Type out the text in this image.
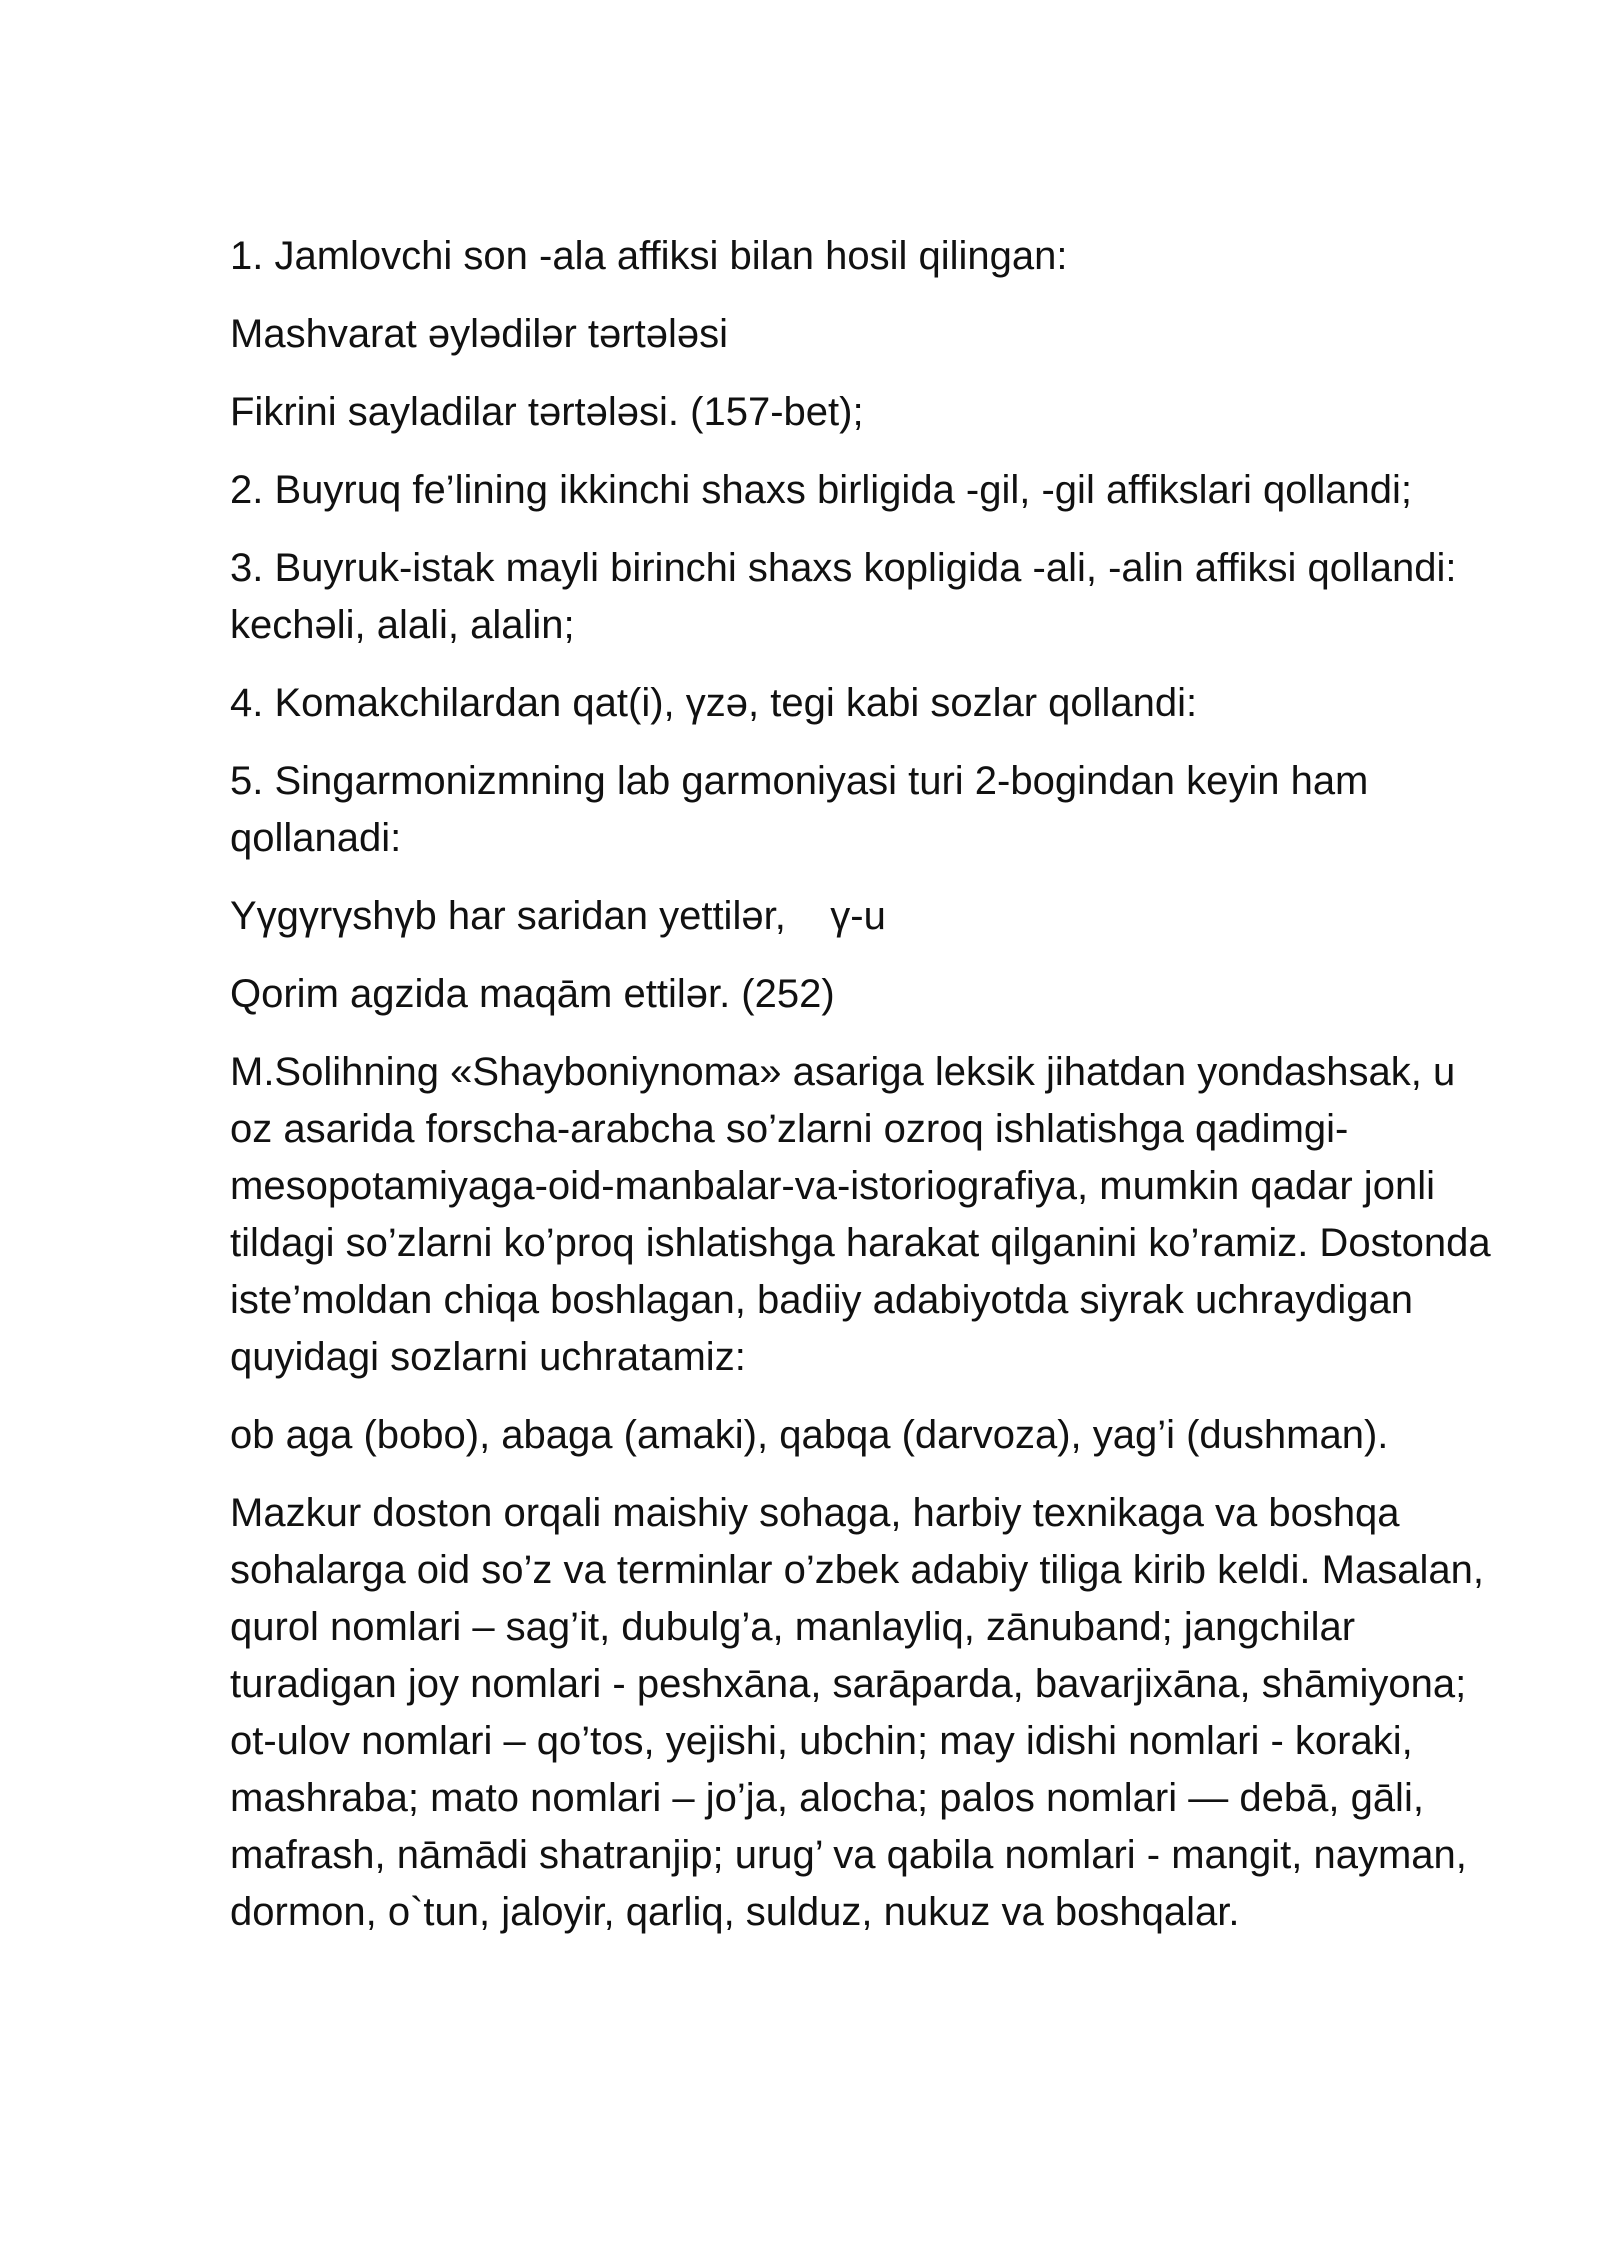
1. Jamlovchi son -ala affiksi bilan hosil qilingan:

Mashvarat əylədilər tərtələsi

Fikrini sayladilar tərtələsi. (157-bet);

2. Buyruq fe’lining ikkinchi shaxs birligida -gil, -gil affikslari qollandi;

3. Buyruk-istak mayli birinchi shaxs kopligida -ali, -alin affiksi qollandi: kechəli, alali, alalin;

4. Komakchilardan qat(i), γzə, tegi kabi sozlar qollandi:

5. Singarmonizmning lab garmoniyasi turi 2-bogindan keyin ham qollanadi:

Yγgγrγshγb har saridan yettilər,    γ-u

Qorim agzida maqām ettilər. (252)

M.Solihning «Shayboniynoma» asariga leksik jihatdan yondashsak, u oz asarida forscha-arabcha so’zlarni ozroq ishlatishga qadimgi-mesopotamiyaga-oid-manbalar-va-istoriografiya, mumkin qadar jonli tildagi so’zlarni ko’proq ishlatishga harakat qilganini ko’ramiz. Dostonda iste’moldan chiqa boshlagan, badiiy adabiyotda siyrak uchraydigan quyidagi sozlarni uchratamiz:

ob aga (bobo), abaga (amaki), qabqa (darvoza), yag’i (dushman).

Mazkur doston orqali maishiy sohaga, harbiy texnikaga va boshqa sohalarga oid so’z va terminlar o’zbek adabiy tiliga kirib keldi. Masalan, qurol nomlari – sag’it, dubulg’a, manlayliq, zānuband; jangchilar turadigan joy nomlari - peshxāna, sarāparda, bavarjixāna, shāmiyona; ot-ulov nomlari – qo’tos, yejishi, ubchin; may idishi nomlari - koraki, mashraba; mato nomlari – jo’ja, alocha; palos nomlari — debā, gāli, mafrash, nāmādi shatranjip; urug’ va qabila nomlari - mangit, nayman, dormon, o`tun, jaloyir, qarliq, sulduz, nukuz va boshqalar.
